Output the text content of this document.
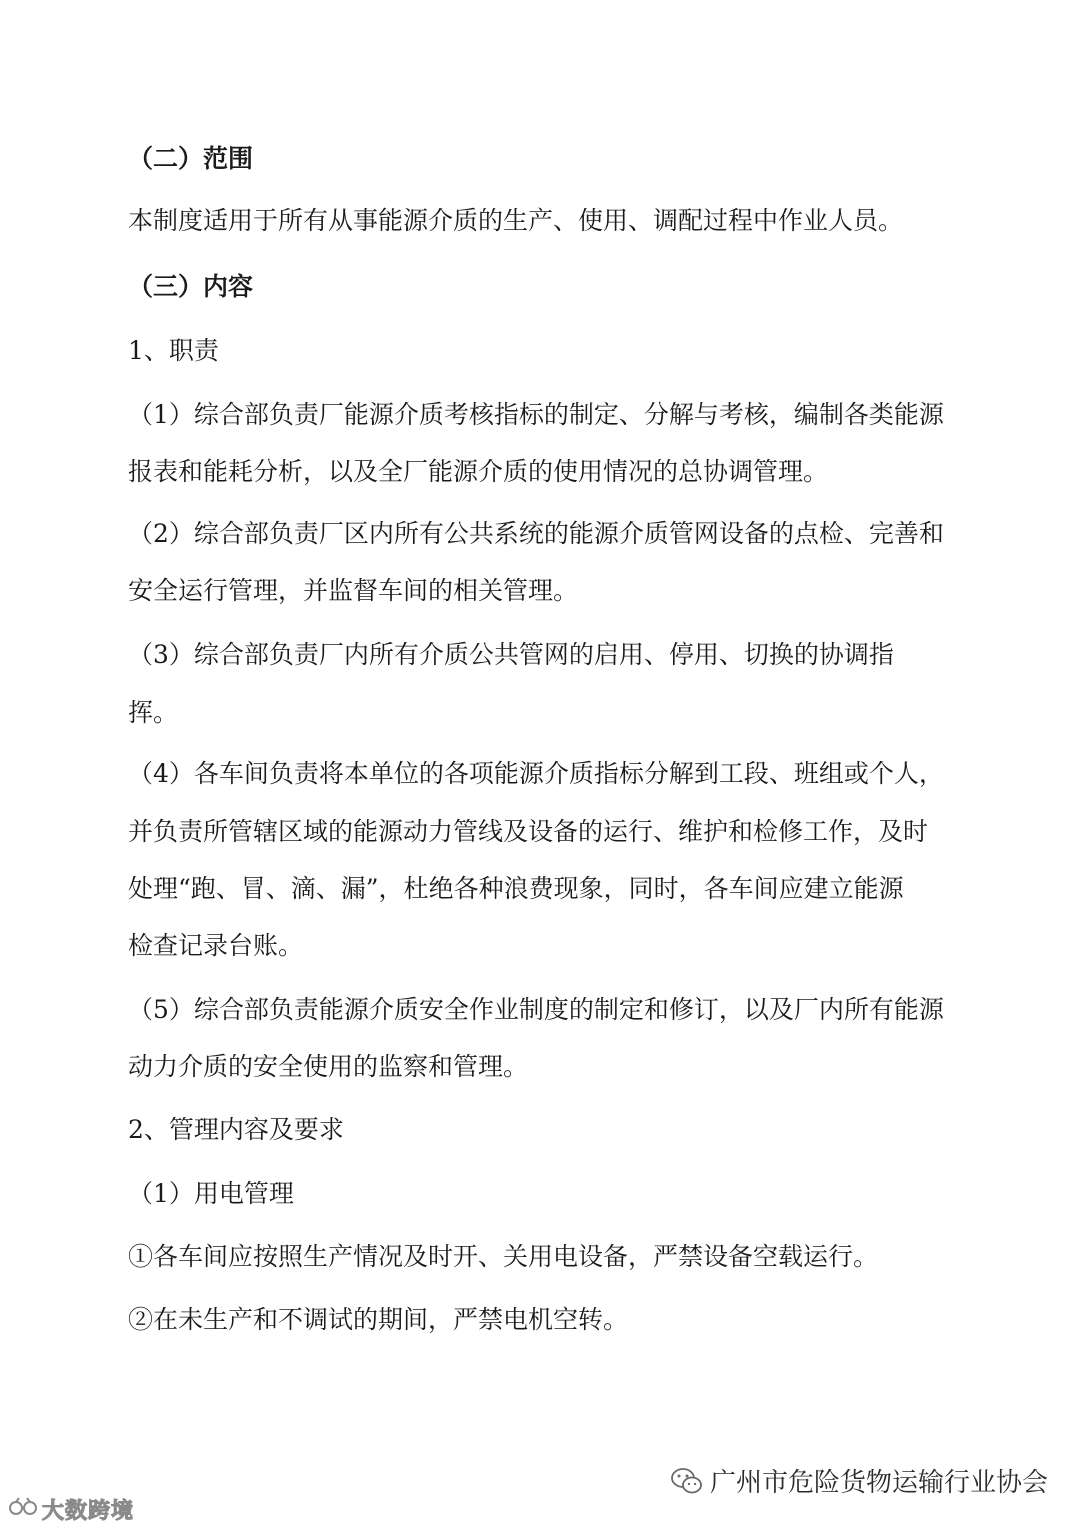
（二）范围
本制度适用于所有从事能源介质的生产、使用、调配过程中作业人员。
（三）内容
1、职责
（1）综合部负责厂能源介质考核指标的制定、分解与考核，编制各类能源
报表和能耗分析，以及全厂能源介质的使用情况的总协调管理。
（2）综合部负责厂区内所有公共系统的能源介质管网设备的点检、完善和
安全运行管理，并监督车间的相关管理。
（3）综合部负责厂内所有介质公共管网的启用、停用、切换的协调指
挥。
（4）各车间负责将本单位的各项能源介质指标分解到工段、班组或个人，
并负责所管辖区域的能源动力管线及设备的运行、维护和检修工作，及时
处理“跑、冒、滴、漏”，杜绝各种浪费现象，同时，各车间应建立能源
检查记录台账。
（5）综合部负责能源介质安全作业制度的制定和修订，以及厂内所有能源
动力介质的安全使用的监察和管理。
2、管理内容及要求
（1）用电管理
①各车间应按照生产情况及时开、关用电设备，严禁设备空载运行。
②在未生产和不调试的期间，严禁电机空转。
广州市危险货物运输行业协会
大数跨境
